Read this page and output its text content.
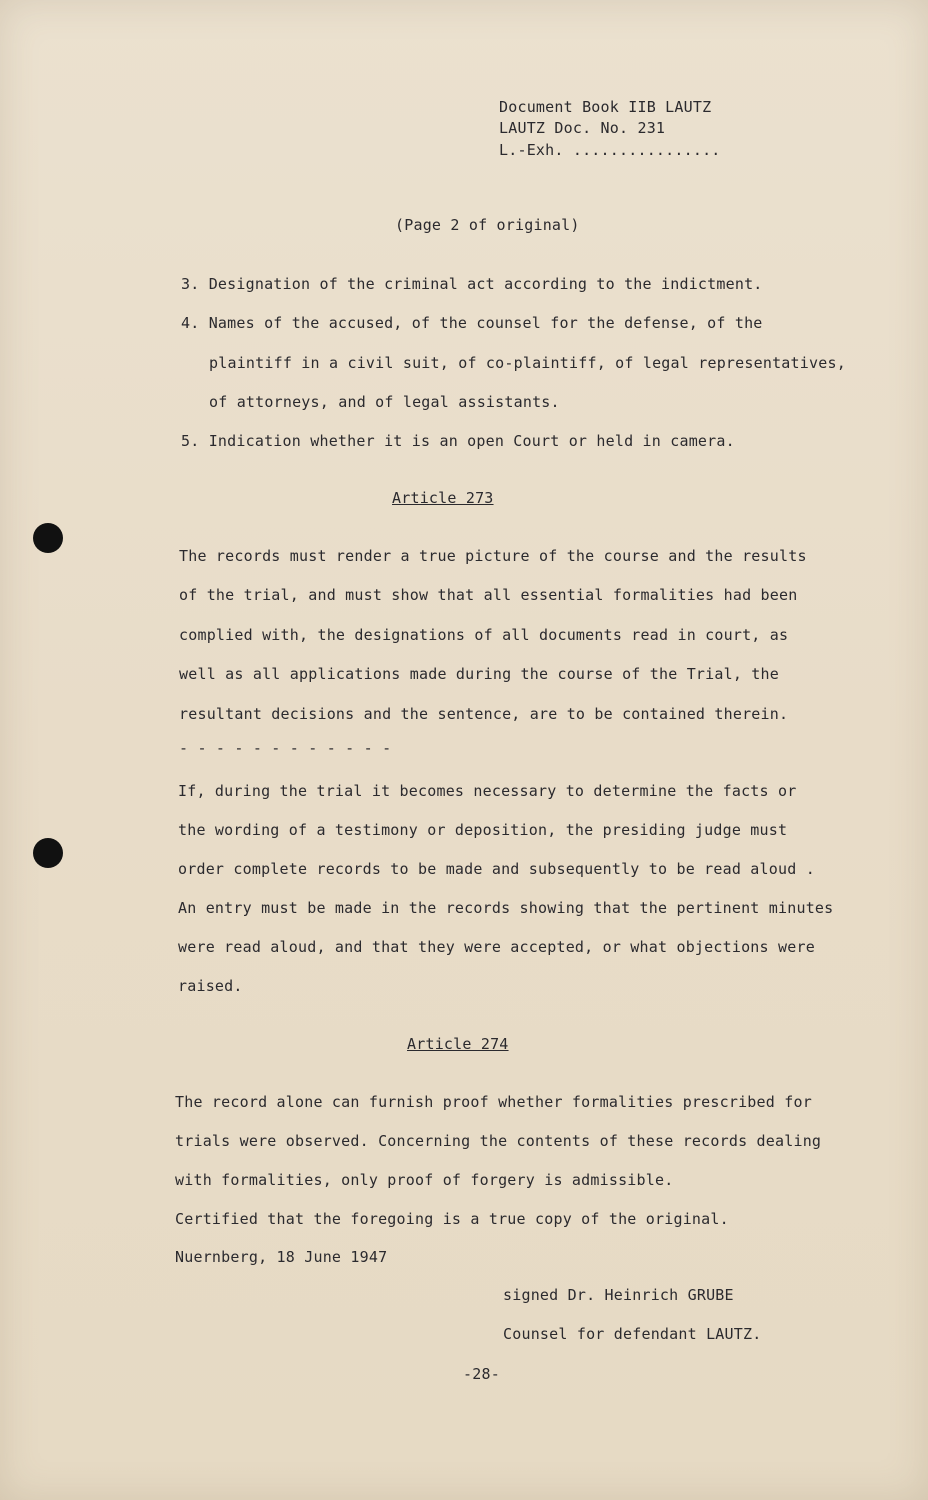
Document Book IIB LAUTZ
LAUTZ Doc. No. 231
L.-Exh. ................
(Page 2 of original)
3. Designation of the criminal act according to the indictment.
4. Names of the accused, of the counsel for the defense, of the
plaintiff in a civil suit, of co-plaintiff, of legal representatives,
of attorneys, and of legal assistants.
5. Indication whether it is an open Court or held in camera.
Article 273
The records must render a true picture of the course and the results
of the trial, and must show that all essential formalities had been
complied with, the designations of all documents read in court, as
well as all applications made during the course of the Trial, the
resultant decisions and the sentence, are to be contained therein.
- - - - - - - - - - - -
If, during the trial it becomes necessary to determine the facts or
the wording of a testimony or deposition, the presiding judge must
order complete records to be made and subsequently to be read aloud .
An entry must be made in the records showing that the pertinent minutes
were read aloud, and that they were accepted, or what objections were
raised.
Article 274
The record alone can furnish proof whether formalities prescribed for
trials were observed. Concerning the contents of these records dealing
with formalities, only proof of forgery is admissible.
Certified that the foregoing is a true copy of the original.
Nuernberg, 18 June 1947
signed Dr. Heinrich GRUBE
Counsel for defendant LAUTZ.
-28-
